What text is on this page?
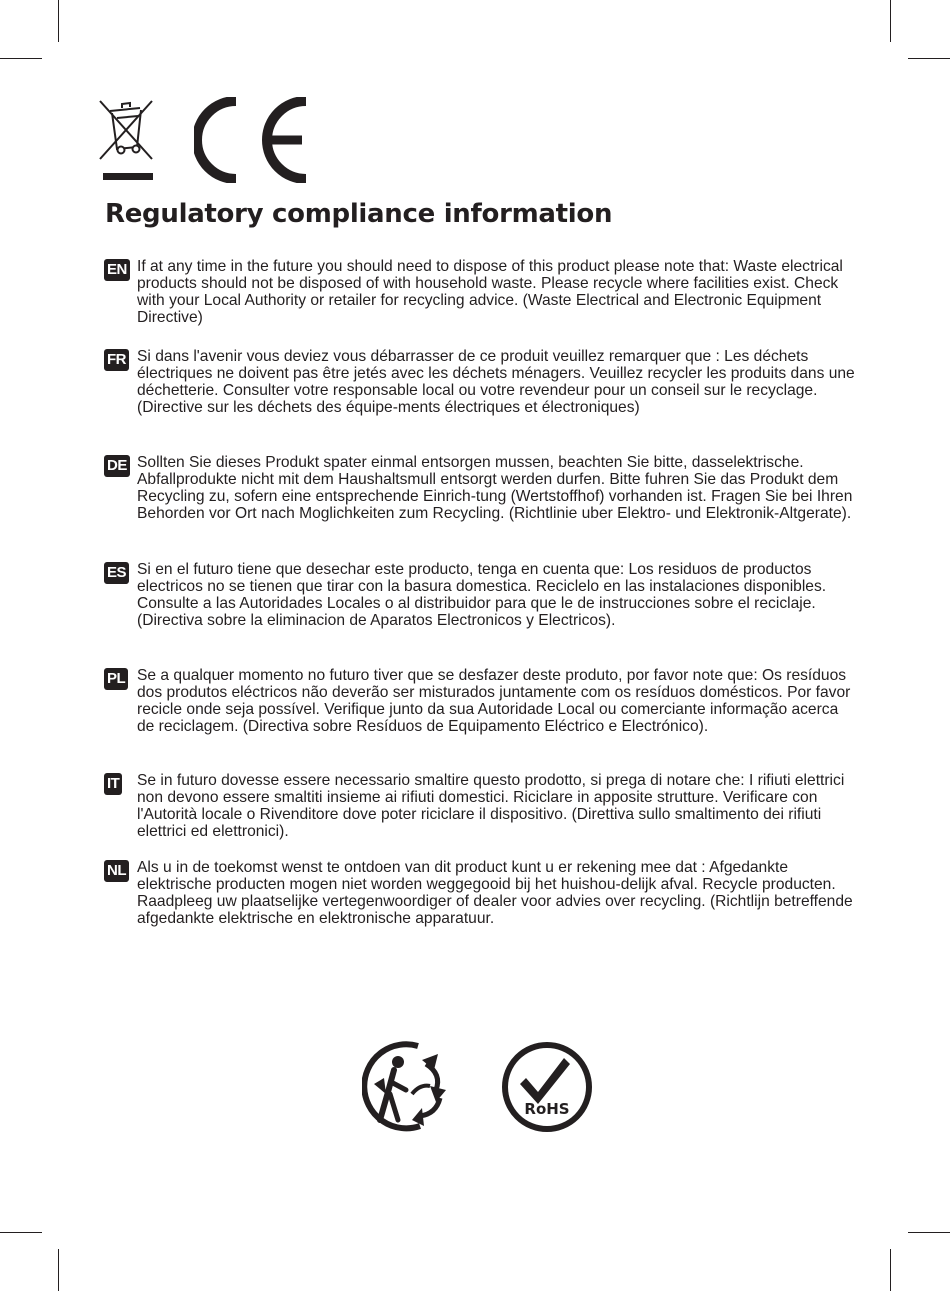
Regulatory compliance information
EN If at any time in the future you should need to dispose of this product please note that: Waste electrical products should not be disposed of with household waste. Please recycle where facilities exist. Check with your Local Authority or retailer for recycling advice. (Waste Electrical and Electronic Equipment Directive)

FR Si dans l'avenir vous deviez vous débarrasser de ce produit veuillez remarquer que : Les déchets électriques ne doivent pas être jetés avec les déchets ménagers. Veuillez recycler les produits dans une déchetterie. Consulter votre responsable local ou votre revendeur pour un conseil sur le recyclage. (Directive sur les déchets des équipe-ments électriques et électroniques)

DE Sollten Sie dieses Produkt spater einmal entsorgen mussen, beachten Sie bitte, dasselektrische. Abfallprodukte nicht mit dem Haushaltsmull entsorgt werden durfen. Bitte fuhren Sie das Produkt dem Recycling zu, sofern eine entsprechende Einrich-tung (Wertstoffhof) vorhanden ist. Fragen Sie bei Ihren Behorden vor Ort nach Moglichkeiten zum Recycling. (Richtlinie uber Elektro- und Elektronik-Altgerate).

ES Si en el futuro tiene que desechar este producto, tenga en cuenta que: Los residuos de productos electricos no se tienen que tirar con la basura domestica. Reciclelo en las instalaciones disponibles. Consulte a las Autoridades Locales o al distribuidor para que le de instrucciones sobre el reciclaje. (Directiva sobre la eliminacion de Aparatos Electronicos y Electricos).

PL Se a qualquer momento no futuro tiver que se desfazer deste produto, por favor note que: Os resíduos dos produtos eléctricos não deverão ser misturados juntamente com os resíduos domésticos. Por favor recicle onde seja possível. Verifique junto da sua Autoridade Local ou comerciante informação acerca de reciclagem. (Directiva sobre Resíduos de Equipamento Eléctrico e Electrónico).

IT Se in futuro dovesse essere necessario smaltire questo prodotto, si prega di notare che: I rifiuti elettrici non devono essere smaltiti insieme ai rifiuti domestici. Riciclare in apposite strutture. Verificare con l'Autorità locale o Rivenditore dove poter riciclare il dispositivo. (Direttiva sullo smaltimento dei rifiuti elettrici ed elettronici).

NL Als u in de toekomst wenst te ontdoen van dit product kunt u er rekening mee dat : Afgedankte elektrische producten mogen niet worden weggegooid bij het huishou-delijk afval. Recycle producten. Raadpleeg uw plaatselijke vertegenwoordiger of dealer voor advies over recycling. (Richtlijn betreffende afgedankte elektrische en elektronische apparatuur.

RoHS
